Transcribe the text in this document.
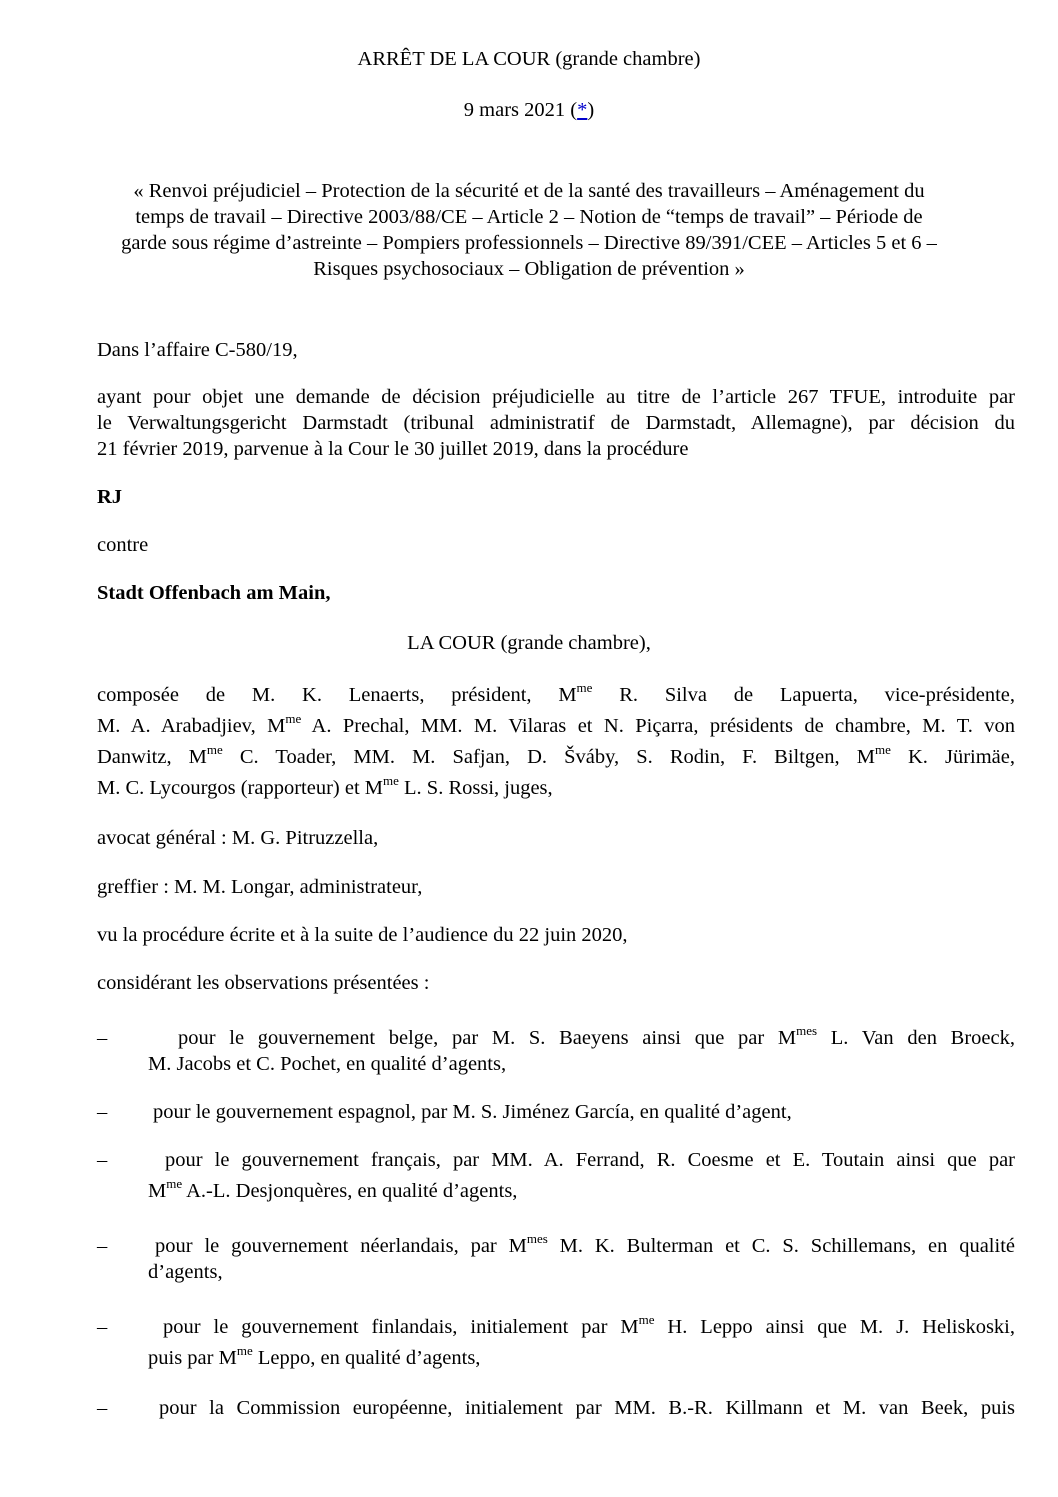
ARRÊT DE LA COUR (grande chambre)
9 mars 2021 (*)
« Renvoi préjudiciel – Protection de la sécurité et de la santé des travailleurs – Aménagement du
temps de travail – Directive 2003/88/CE – Article 2 – Notion de “temps de travail” – Période de
garde sous régime d’astreinte – Pompiers professionnels – Directive 89/391/CEE – Articles 5 et 6 –
Risques psychosociaux – Obligation de prévention »
Dans l’affaire C‑580/19,
ayant pour objet une demande de décision préjudicielle au titre de l’article 267 TFUE, introduite par
le Verwaltungsgericht Darmstadt (tribunal administratif de Darmstadt, Allemagne), par décision du
21 février 2019, parvenue à la Cour le 30 juillet 2019, dans la procédure
RJ
contre
Stadt Offenbach am Main,
LA COUR (grande chambre),
composée de M. K. Lenaerts, président, $M^{me}$ R. Silva de Lapuerta, vice‑présidente,
M. A. Arabadjiev, $M^{me}$ A. Prechal, MM. M. Vilaras et N. Piçarra, présidents de chambre, M. T. von
Danwitz, $M^{me}$ C. Toader, MM. M. Safjan, D. Šváby, S. Rodin, F. Biltgen, $M^{me}$ K. Jürimäe,
M. C. Lycourgos (rapporteur) et $M^{me}$ L. S. Rossi, juges,
avocat général : M. G. Pitruzzella,
greffier : M. M. Longar, administrateur,
vu la procédure écrite et à la suite de l’audience du 22 juin 2020,
considérant les observations présentées :
–	pour le gouvernement belge, par M. S. Baeyens ainsi que par $M^{mes}$ L. Van den Broeck,
M. Jacobs et C. Pochet, en qualité d’agents,
– pour le gouvernement espagnol, par M. S. Jiménez García, en qualité d’agent,
–	pour le gouvernement français, par MM. A. Ferrand, R. Coesme et E. Toutain ainsi que par
$M^{me}$ A.-L. Desjonquères, en qualité d’agents,
–	pour le gouvernement néerlandais, par $M^{mes}$ M. K. Bulterman et C. S. Schillemans, en qualité
d’agents,
–	pour le gouvernement finlandais, initialement par $M^{me}$ H. Leppo ainsi que M. J. Heliskoski,
puis par $M^{me}$ Leppo, en qualité d’agents,
–	pour la Commission européenne, initialement par MM. B.‑R. Killmann et M. van Beek, puis
